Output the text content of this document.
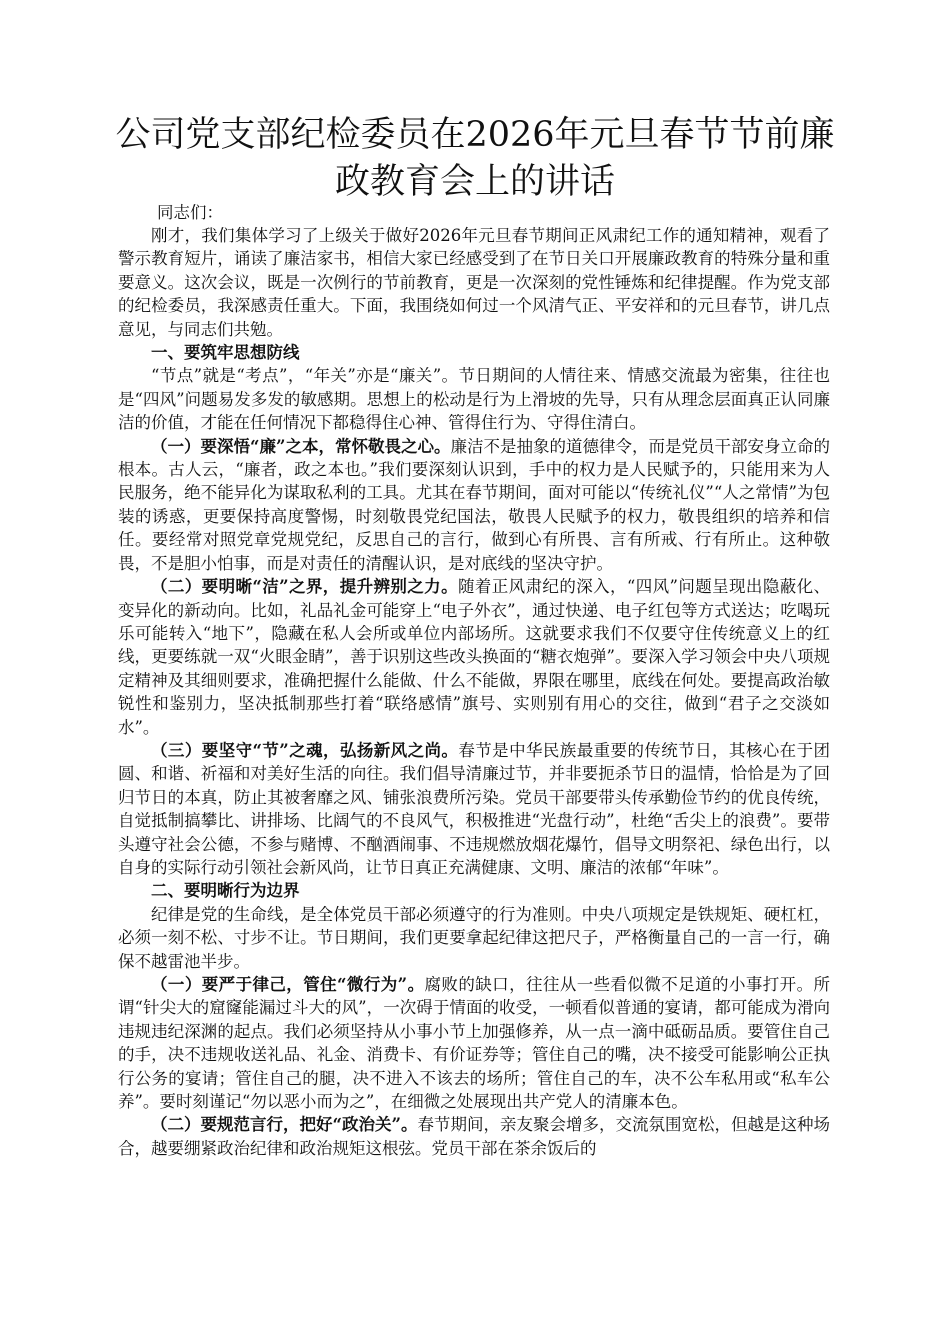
公司党支部纪检委员在2026年元旦春节节前廉政教育会上的讲话
同志们：

刚才，我们集体学习了上级关于做好2026年元旦春节期间正风肃纪工作的通知精神，观看了警示教育短片，诵读了廉洁家书，相信大家已经感受到了在节日关口开展廉政教育的特殊分量和重要意义。这次会议，既是一次例行的节前教育，更是一次深刻的党性锤炼和纪律提醒。作为党支部的纪检委员，我深感责任重大。下面，我围绕如何过一个风清气正、平安祥和的元旦春节，讲几点意见，与同志们共勉。

一、要筑牢思想防线

“节点”就是“考点”，“年关”亦是“廉关”。节日期间的人情往来、情感交流最为密集，往往也是“四风”问题易发多发的敏感期。思想上的松动是行为上滑坡的先导，只有从理念层面真正认同廉洁的价值，才能在任何情况下都稳得住心神、管得住行为、守得住清白。

（一）要深悟“廉”之本，常怀敬畏之心。廉洁不是抽象的道德律令，而是党员干部安身立命的根本。古人云，“廉者，政之本也。”我们要深刻认识到，手中的权力是人民赋予的，只能用来为人民服务，绝不能异化为谋取私利的工具。尤其在春节期间，面对可能以“传统礼仪”“人之常情”为包装的诱惑，更要保持高度警惕，时刻敬畏党纪国法，敬畏人民赋予的权力，敬畏组织的培养和信任。要经常对照党章党规党纪，反思自己的言行，做到心有所畏、言有所戒、行有所止。这种敬畏，不是胆小怕事，而是对责任的清醒认识，是对底线的坚决守护。

（二）要明晰“洁”之界，提升辨别之力。随着正风肃纪的深入，“四风”问题呈现出隐蔽化、变异化的新动向。比如，礼品礼金可能穿上“电子外衣”，通过快递、电子红包等方式送达；吃喝玩乐可能转入“地下”，隐藏在私人会所或单位内部场所。这就要求我们不仅要守住传统意义上的红线，更要练就一双“火眼金睛”，善于识别这些改头换面的“糖衣炮弹”。要深入学习领会中央八项规定精神及其细则要求，准确把握什么能做、什么不能做，界限在哪里，底线在何处。要提高政治敏锐性和鉴别力，坚决抵制那些打着“联络感情”旗号、实则别有用心的交往，做到“君子之交淡如水”。

（三）要坚守“节”之魂，弘扬新风之尚。春节是中华民族最重要的传统节日，其核心在于团圆、和谐、祈福和对美好生活的向往。我们倡导清廉过节，并非要扼杀节日的温情，恰恰是为了回归节日的本真，防止其被奢靡之风、铺张浪费所污染。党员干部要带头传承勤俭节约的优良传统，自觉抵制搞攀比、讲排场、比阔气的不良风气，积极推进“光盘行动”，杜绝“舌尖上的浪费”。要带头遵守社会公德，不参与赌博、不酗酒闹事、不违规燃放烟花爆竹，倡导文明祭祀、绿色出行，以自身的实际行动引领社会新风尚，让节日真正充满健康、文明、廉洁的浓郁“年味”。

二、要明晰行为边界

纪律是党的生命线，是全体党员干部必须遵守的行为准则。中央八项规定是铁规矩、硬杠杠，必须一刻不松、寸步不让。节日期间，我们更要拿起纪律这把尺子，严格衡量自己的一言一行，确保不越雷池半步。

（一）要严于律己，管住“微行为”。腐败的缺口，往往从一些看似微不足道的小事打开。所谓“针尖大的窟窿能漏过斗大的风”，一次碍于情面的收受，一顿看似普通的宴请，都可能成为滑向违规违纪深渊的起点。我们必须坚持从小事小节上加强修养，从一点一滴中砥砺品质。要管住自己的手，决不违规收送礼品、礼金、消费卡、有价证券等；管住自己的嘴，决不接受可能影响公正执行公务的宴请；管住自己的腿，决不进入不该去的场所；管住自己的车，决不公车私用或“私车公养”。要时刻谨记“勿以恶小而为之”，在细微之处展现出共产党人的清廉本色。

（二）要规范言行，把好“政治关”。春节期间，亲友聚会增多，交流氛围宽松，但越是这种场合，越要绷紧政治纪律和政治规矩这根弦。党员干部在茶余饭后的
